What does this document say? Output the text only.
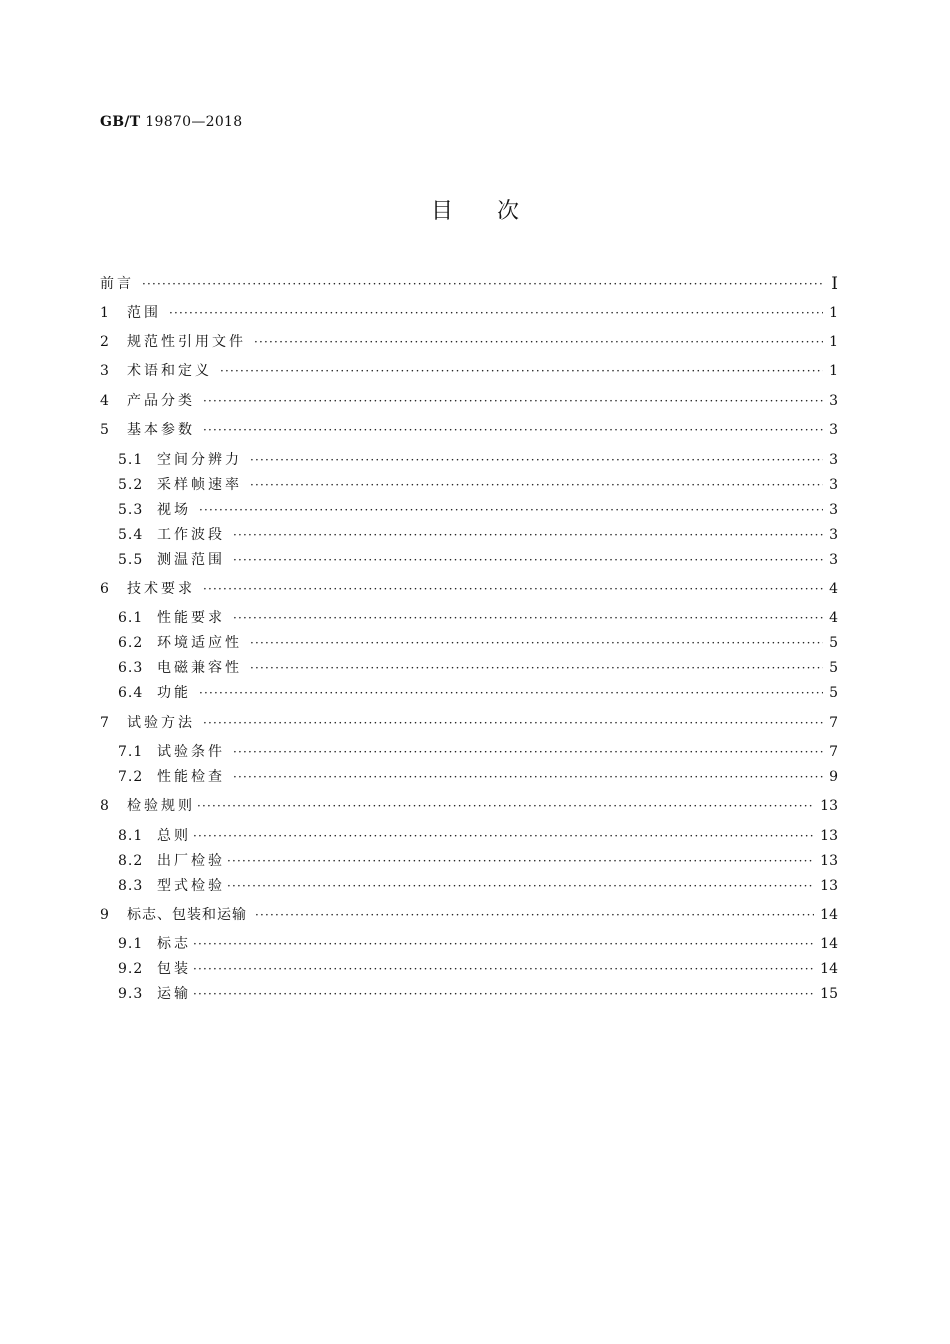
GB/T 19870—2018
目次
前言 ·····	I
1	范围 ·····	1
2	规范性引用文件 ·····	1
3	术语和定义 ·····	1
4	产品分类 ·····	3
5	基本参数 ·····	3
5.1 空间分辨力 ·····	3
5.2 采样帧速率 ·····	3
5.3 视场 ·····	3
5.4 工作波段 ·····	3
5.5 测温范围 ·····	3
6	技术要求 ·····	4
6.1 性能要求 ·····	4
6.2 环境适应性 ·····	5
6.3 电磁兼容性 ·····	5
6.4 功能 ·····	5
7	试验方法 ·····	7
7.1 试验条件 ·····	7
7.2 性能检查 ·····	9
8	检验规则 ·····	13
8.1 总则 ·····	13
8.2 出厂检验 ·····	13
8.3 型式检验 ·····	13
9	标志、包装和运输 ·····	14
9.1 标志 ·····	14
9.2 包装 ·····	14
9.3 运输 ·····	15
